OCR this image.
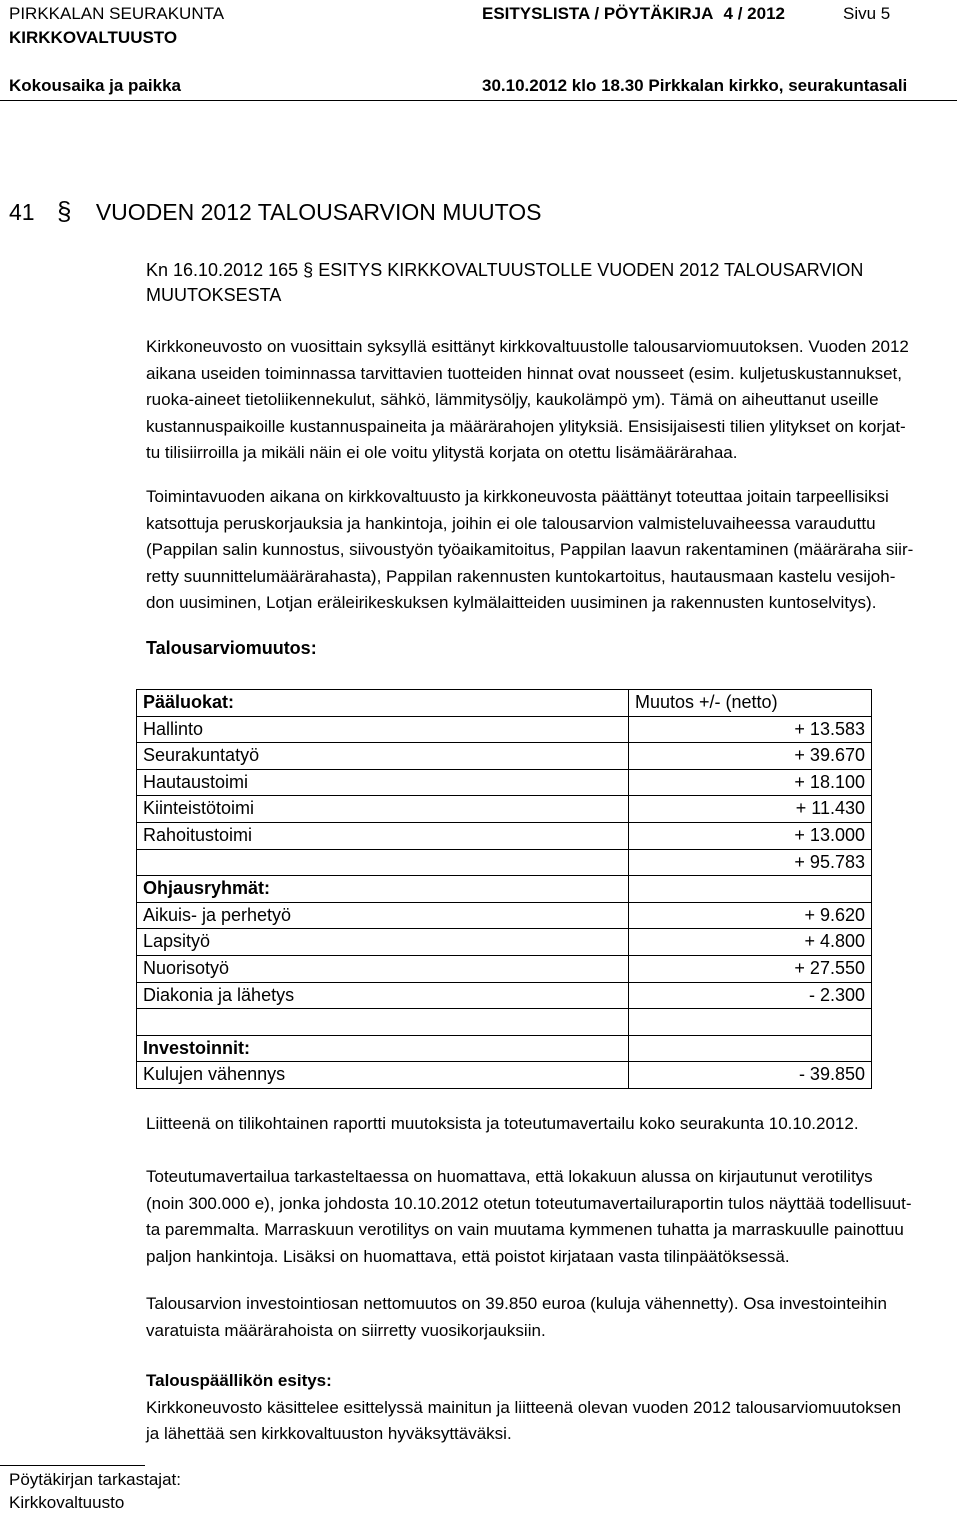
PIRKKALAN SEURAKUNTA	ESITYSLISTA / PÖYTÄKIRJA 4 / 2012	Sivu 5
KIRKKOVALTUUSTO
Kokousaika ja paikka	30.10.2012 klo 18.30 Pirkkalan kirkko, seurakuntasali
41 § VUODEN 2012 TALOUSARVION MUUTOS
Kn 16.10.2012 165 § ESITYS KIRKKOVALTUUSTOLLE VUODEN 2012 TALOUSARVION
MUUTOKSESTA

Kirkkoneuvosto on vuosittain syksyllä esittänyt kirkkovaltuustolle talousarviomuutoksen. Vuoden 2012

aikana useiden toiminnassa tarvittavien tuotteiden hinnat ovat nousseet (esim. kuljetuskustannukset,

ruoka-aineet tietoliikennekulut, sähkö, lämmitysöljy, kaukolämpö ym). Tämä on aiheuttanut useille

kustannuspaikoille kustannuspaineita ja määrärahojen ylityksiä. Ensisijaisesti tilien ylitykset on korjat-

tu tilisiirroilla ja mikäli näin ei ole voitu ylitystä korjata on otettu lisämäärärahaa.

Toimintavuoden aikana on kirkkovaltuusto ja kirkkoneuvosta päättänyt toteuttaa joitain tarpeellisiksi

katsottuja peruskorjauksia ja hankintoja, joihin ei ole talousarvion valmisteluvaiheessa varauduttu

(Pappilan salin kunnostus, siivoustyön työaikamitoitus, Pappilan laavun rakentaminen (määräraha siir-

retty suunnittelumäärärahasta), Pappilan rakennusten kuntokartoitus, hautausmaan kastelu vesijoh-

don uusiminen, Lotjan eräleirikeskuksen kylmälaitteiden uusiminen ja rakennusten kuntoselvitys).

Talousarviomuutos:
Pääluokat:	Muutos +/- (netto)
Hallinto	+ 13.583
Seurakuntatyö	+ 39.670
Hautaustoimi	+ 18.100
Kiinteistötoimi	+ 11.430
Rahoitustoimi	+ 13.000
	+ 95.783
Ohjausryhmät:	
Aikuis- ja perhetyö	+ 9.620
Lapsityö	+ 4.800
Nuorisotyö	+ 27.550
Diakonia ja lähetys	- 2.300

Investoinnit:	
Kulujen vähennys	- 39.850

Liitteenä on tilikohtainen raportti muutoksista ja toteutumavertailu koko seurakunta 10.10.2012.

Toteutumavertailua tarkasteltaessa on huomattava, että lokakuun alussa on kirjautunut verotilitys

(noin 300.000 e), jonka johdosta 10.10.2012 otetun toteutumavertailuraportin tulos näyttää todellisuut-

ta paremmalta. Marraskuun verotilitys on vain muutama kymmenen tuhatta ja marraskuulle painottuu

paljon hankintoja. Lisäksi on huomattava, että poistot kirjataan vasta tilinpäätöksessä.

Talousarvion investointiosan nettomuutos on 39.850 euroa (kuluja vähennetty). Osa investointeihin

varatuista määrärahoista on siirretty vuosikorjauksiin.

Talouspäällikön esitys:

Kirkkoneuvosto käsittelee esittelyssä mainitun ja liitteenä olevan vuoden 2012 talousarviomuutoksen

ja lähettää sen kirkkovaltuuston hyväksyttäväksi.

Pöytäkirjan tarkastajat:
Kirkkovaltuusto
